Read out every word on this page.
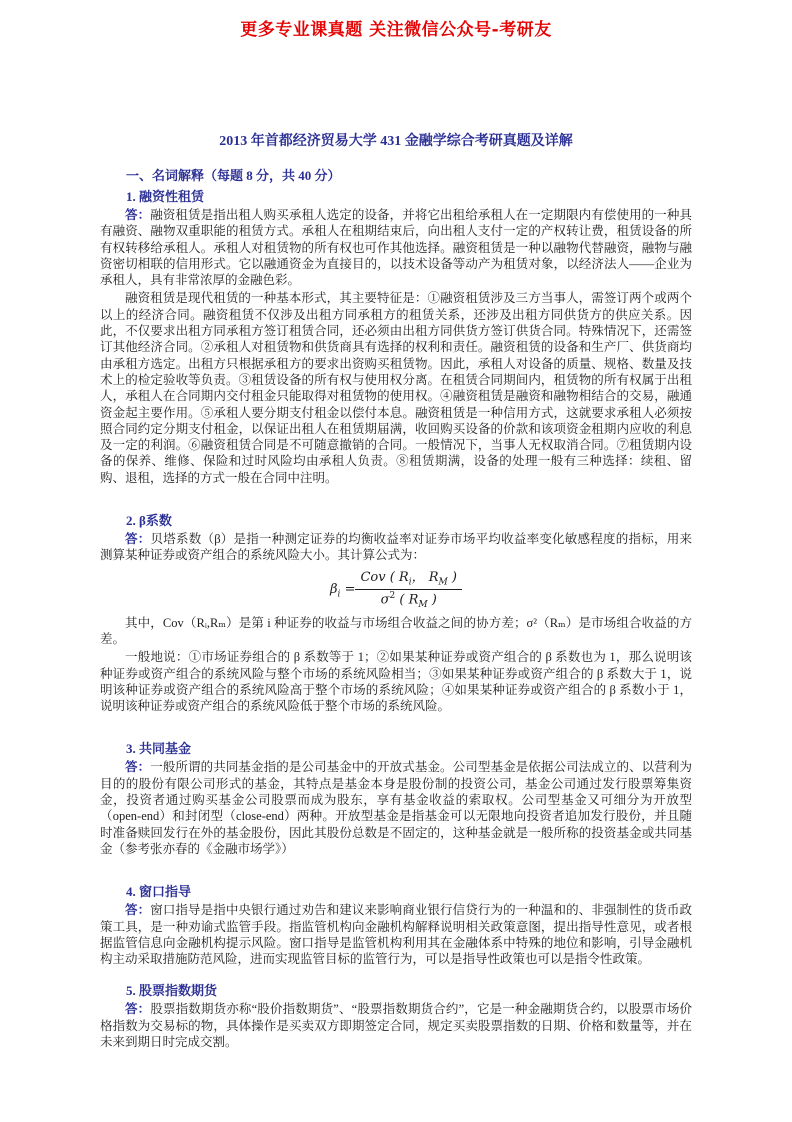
更多专业课真题 关注微信公众号-考研友
2013 年首都经济贸易大学 431 金融学综合考研真题及详解
一、名词解释（每题 8 分，共 40 分）
1. 融资性租赁

答：融资租赁是指出租人购买承租人选定的设备，并将它出租给承租人在一定期限内有偿使用的一种具有融资、融物双重职能的租赁方式。承租人在租期结束后，向出租人支付一定的产权转让费，租赁设备的所有权转移给承租人。承租人对租赁物的所有权也可作其他选择。融资租赁是一种以融物代替融资，融物与融资密切相联的信用形式。它以融通资金为直接目的，以技术设备等动产为租赁对象，以经济法人——企业为承租人，具有非常浓厚的金融色彩。

融资租赁是现代租赁的一种基本形式，其主要特征是：①融资租赁涉及三方当事人，需签订两个或两个以上的经济合同。融资租赁不仅涉及出租方同承租方的租赁关系，还涉及出租方同供货方的供应关系。因此，不仅要求出租方同承租方签订租赁合同，还必须由出租方同供货方签订供货合同。特殊情况下，还需签订其他经济合同。②承租人对租赁物和供货商具有选择的权利和责任。融资租赁的设备和生产厂、供货商均由承租方选定。出租方只根据承租方的要求出资购买租赁物。因此，承租人对设备的质量、规格、数量及技术上的检定验收等负责。③租赁设备的所有权与使用权分离。在租赁合同期间内，租赁物的所有权属于出租人，承租人在合同期内交付租金只能取得对租赁物的使用权。④融资租赁是融资和融物相结合的交易，融通资金起主要作用。⑤承租人要分期支付租金以偿付本息。融资租赁是一种信用方式，这就要求承租人必须按照合同约定分期支付租金，以保证出租人在租赁期届满，收回购买设备的价款和该项资金租期内应收的利息及一定的利润。⑥融资租赁合同是不可随意撤销的合同。一般情况下，当事人无权取消合同。⑦租赁期内设备的保养、维修、保险和过时风险均由承租人负责。⑧租赁期满，设备的处理一般有三种选择：续租、留购、退租，选择的方式一般在合同中注明。

2. β系数

答：贝塔系数（β）是指一种测定证券的均衡收益率对证券市场平均收益率变化敏感程度的指标，用来测算某种证券或资产组合的系统风险大小。其计算公式为：

$\beta_i = \frac{Cov ( R_i, R_M )}{\sigma^2 ( R_M )}$

其中，Cov（Rᵢ,Rₘ）是第 i 种证券的收益与市场组合收益之间的协方差；σ²（Rₘ）是市场组合收益的方差。

一般地说：①市场证券组合的 β 系数等于 1；②如果某种证券或资产组合的 β 系数也为 1，那么说明该种证券或资产组合的系统风险与整个市场的系统风险相当；③如果某种证券或资产组合的 β 系数大于 1，说明该种证券或资产组合的系统风险高于整个市场的系统风险；④如果某种证券或资产组合的 β 系数小于 1，说明该种证券或资产组合的系统风险低于整个市场的系统风险。

3. 共同基金

答：一般所谓的共同基金指的是公司基金中的开放式基金。公司型基金是依据公司法成立的、以营利为目的的股份有限公司形式的基金，其特点是基金本身是股份制的投资公司，基金公司通过发行股票筹集资金，投资者通过购买基金公司股票而成为股东，享有基金收益的索取权。公司型基金又可细分为开放型（open-end）和封闭型（close-end）两种。开放型基金是指基金可以无限地向投资者追加发行股份，并且随时准备赎回发行在外的基金股份，因此其股份总数是不固定的，这种基金就是一般所称的投资基金或共同基金（参考张亦春的《金融市场学》）

4. 窗口指导

答：窗口指导是指中央银行通过劝告和建议来影响商业银行信贷行为的一种温和的、非强制性的货币政策工具，是一种劝谕式监管手段。指监管机构向金融机构解释说明相关政策意图，提出指导性意见，或者根据监管信息向金融机构提示风险。窗口指导是监管机构利用其在金融体系中特殊的地位和影响，引导金融机构主动采取措施防范风险，进而实现监管目标的监管行为，可以是指导性政策也可以是指令性政策。

5. 股票指数期货

答：股票指数期货亦称“股价指数期货”、“股票指数期货合约”，它是一种金融期货合约，以股票市场价格指数为交易标的物，具体操作是买卖双方即期签定合同，规定买卖股票指数的日期、价格和数量等，并在未来到期日时完成交割。
